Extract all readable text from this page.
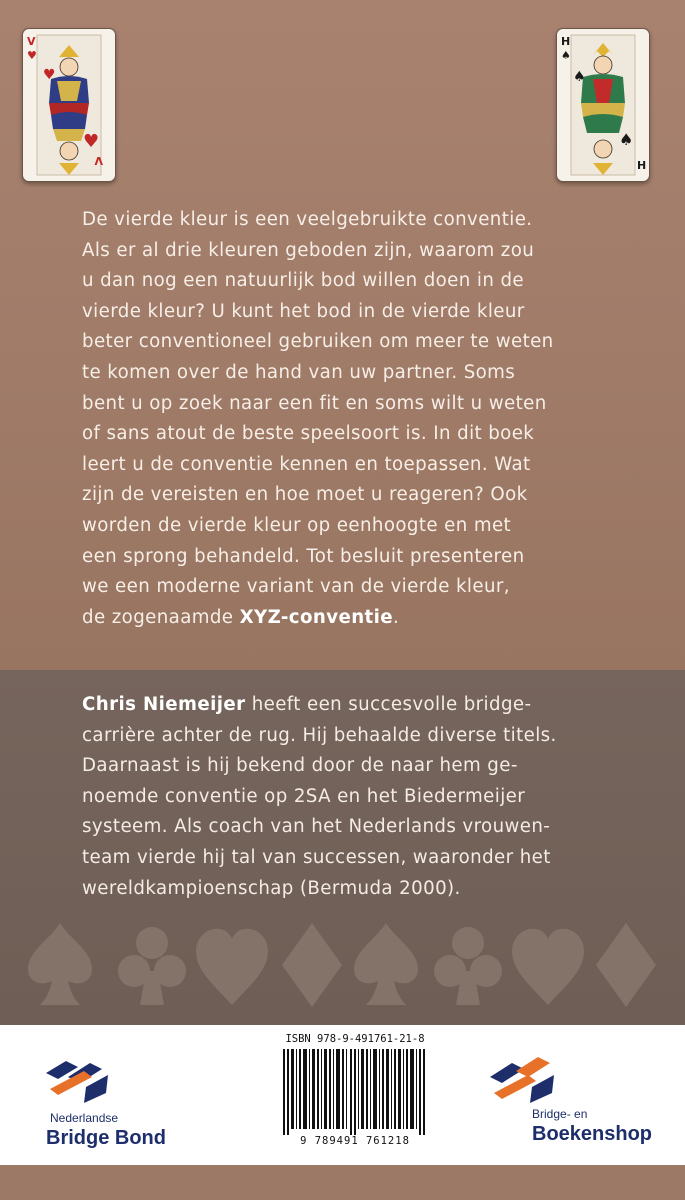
V
♥
V
♥
♥
H
♠
H
♠
♠

De vierde kleur is een veelgebruikte conventie.
Als er al drie kleuren geboden zijn, waarom zou
u dan nog een natuurlijk bod willen doen in de
vierde kleur? U kunt het bod in de vierde kleur
beter conventioneel gebruiken om meer te weten
te komen over de hand van uw partner. Soms
bent u op zoek naar een fit en soms wilt u weten
of sans atout de beste speelsoort is. In dit boek
leert u de conventie kennen en toepassen. Wat
zijn de vereisten en hoe moet u reageren? Ook
worden de vierde kleur op eenhoogte en met
een sprong behandeld. Tot besluit presenteren
we een moderne variant van de vierde kleur,
de zogenaamde XYZ-conventie.

Chris Niemeijer heeft een succesvolle bridge-
carrière achter de rug. Hij behaalde diverse titels.
Daarnaast is hij bekend door de naar hem ge-
noemde conventie op 2SA en het Biedermeijer
systeem. Als coach van het Nederlands vrouwen-
team vierde hij tal van successen, waaronder het
wereldkampioenschap (Bermuda 2000).

Nederlandse
Bridge Bond
ISBN 978-9-491761-21-8
9 789491 761218
Bridge- en
Boekenshop
